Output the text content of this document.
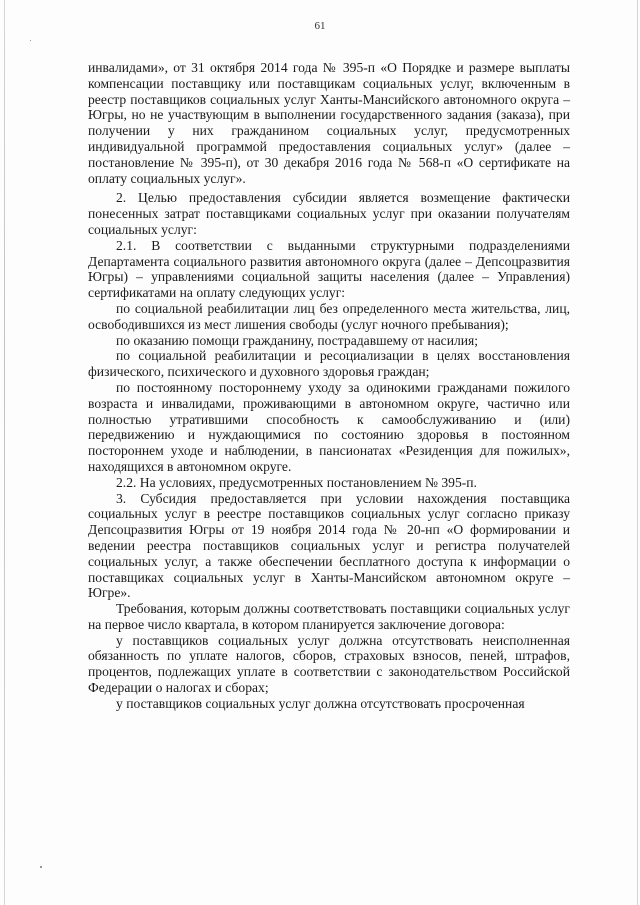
61

инвалидами», от 31 октября 2014 года № 395-п «О Порядке и размере выплаты компенсации поставщику или поставщикам социальных услуг, включенным в реестр поставщиков социальных услуг Ханты-Мансийского автономного округа – Югры, но не участвующим в выполнении государственного задания (заказа), при получении у них гражданином социальных услуг, предусмотренных индивидуальной программой предоставления социальных услуг» (далее – постановление № 395-п), от 30 декабря 2016 года № 568-п «О сертификате на оплату социальных услуг».

2. Целью предоставления субсидии является возмещение фактически понесенных затрат поставщиками социальных услуг при оказании получателям социальных услуг:

2.1. В соответствии с выданными структурными подразделениями Департамента социального развития автономного округа (далее – Депсоцразвития Югры) – управлениями социальной защиты населения (далее – Управления) сертификатами на оплату следующих услуг:

по социальной реабилитации лиц без определенного места жительства, лиц, освободившихся из мест лишения свободы (услуг ночного пребывания);

по оказанию помощи гражданину, пострадавшему от насилия;

по социальной реабилитации и ресоциализации в целях восстановления физического, психического и духовного здоровья граждан;

по постоянному постороннему уходу за одинокими гражданами пожилого возраста и инвалидами, проживающими в автономном округе, частично или полностью утратившими способность к самообслуживанию и (или) передвижению и нуждающимися по состоянию здоровья в постоянном постороннем уходе и наблюдении, в пансионатах «Резиденция для пожилых», находящихся в автономном округе.

2.2. На условиях, предусмотренных постановлением № 395-п.

3. Субсидия предоставляется при условии нахождения поставщика социальных услуг в реестре поставщиков социальных услуг согласно приказу Депсоцразвития Югры от 19 ноября 2014 года № 20-нп «О формировании и ведении реестра поставщиков социальных услуг и регистра получателей социальных услуг, а также обеспечении бесплатного доступа к информации о поставщиках социальных услуг в Ханты-Мансийском автономном округе – Югре».

Требования, которым должны соответствовать поставщики социальных услуг на первое число квартала, в котором планируется заключение договора:

у поставщиков социальных услуг должна отсутствовать неисполненная обязанность по уплате налогов, сборов, страховых взносов, пеней, штрафов, процентов, подлежащих уплате в соответствии с законодательством Российской Федерации о налогах и сборах;

у поставщиков социальных услуг должна отсутствовать просроченная
